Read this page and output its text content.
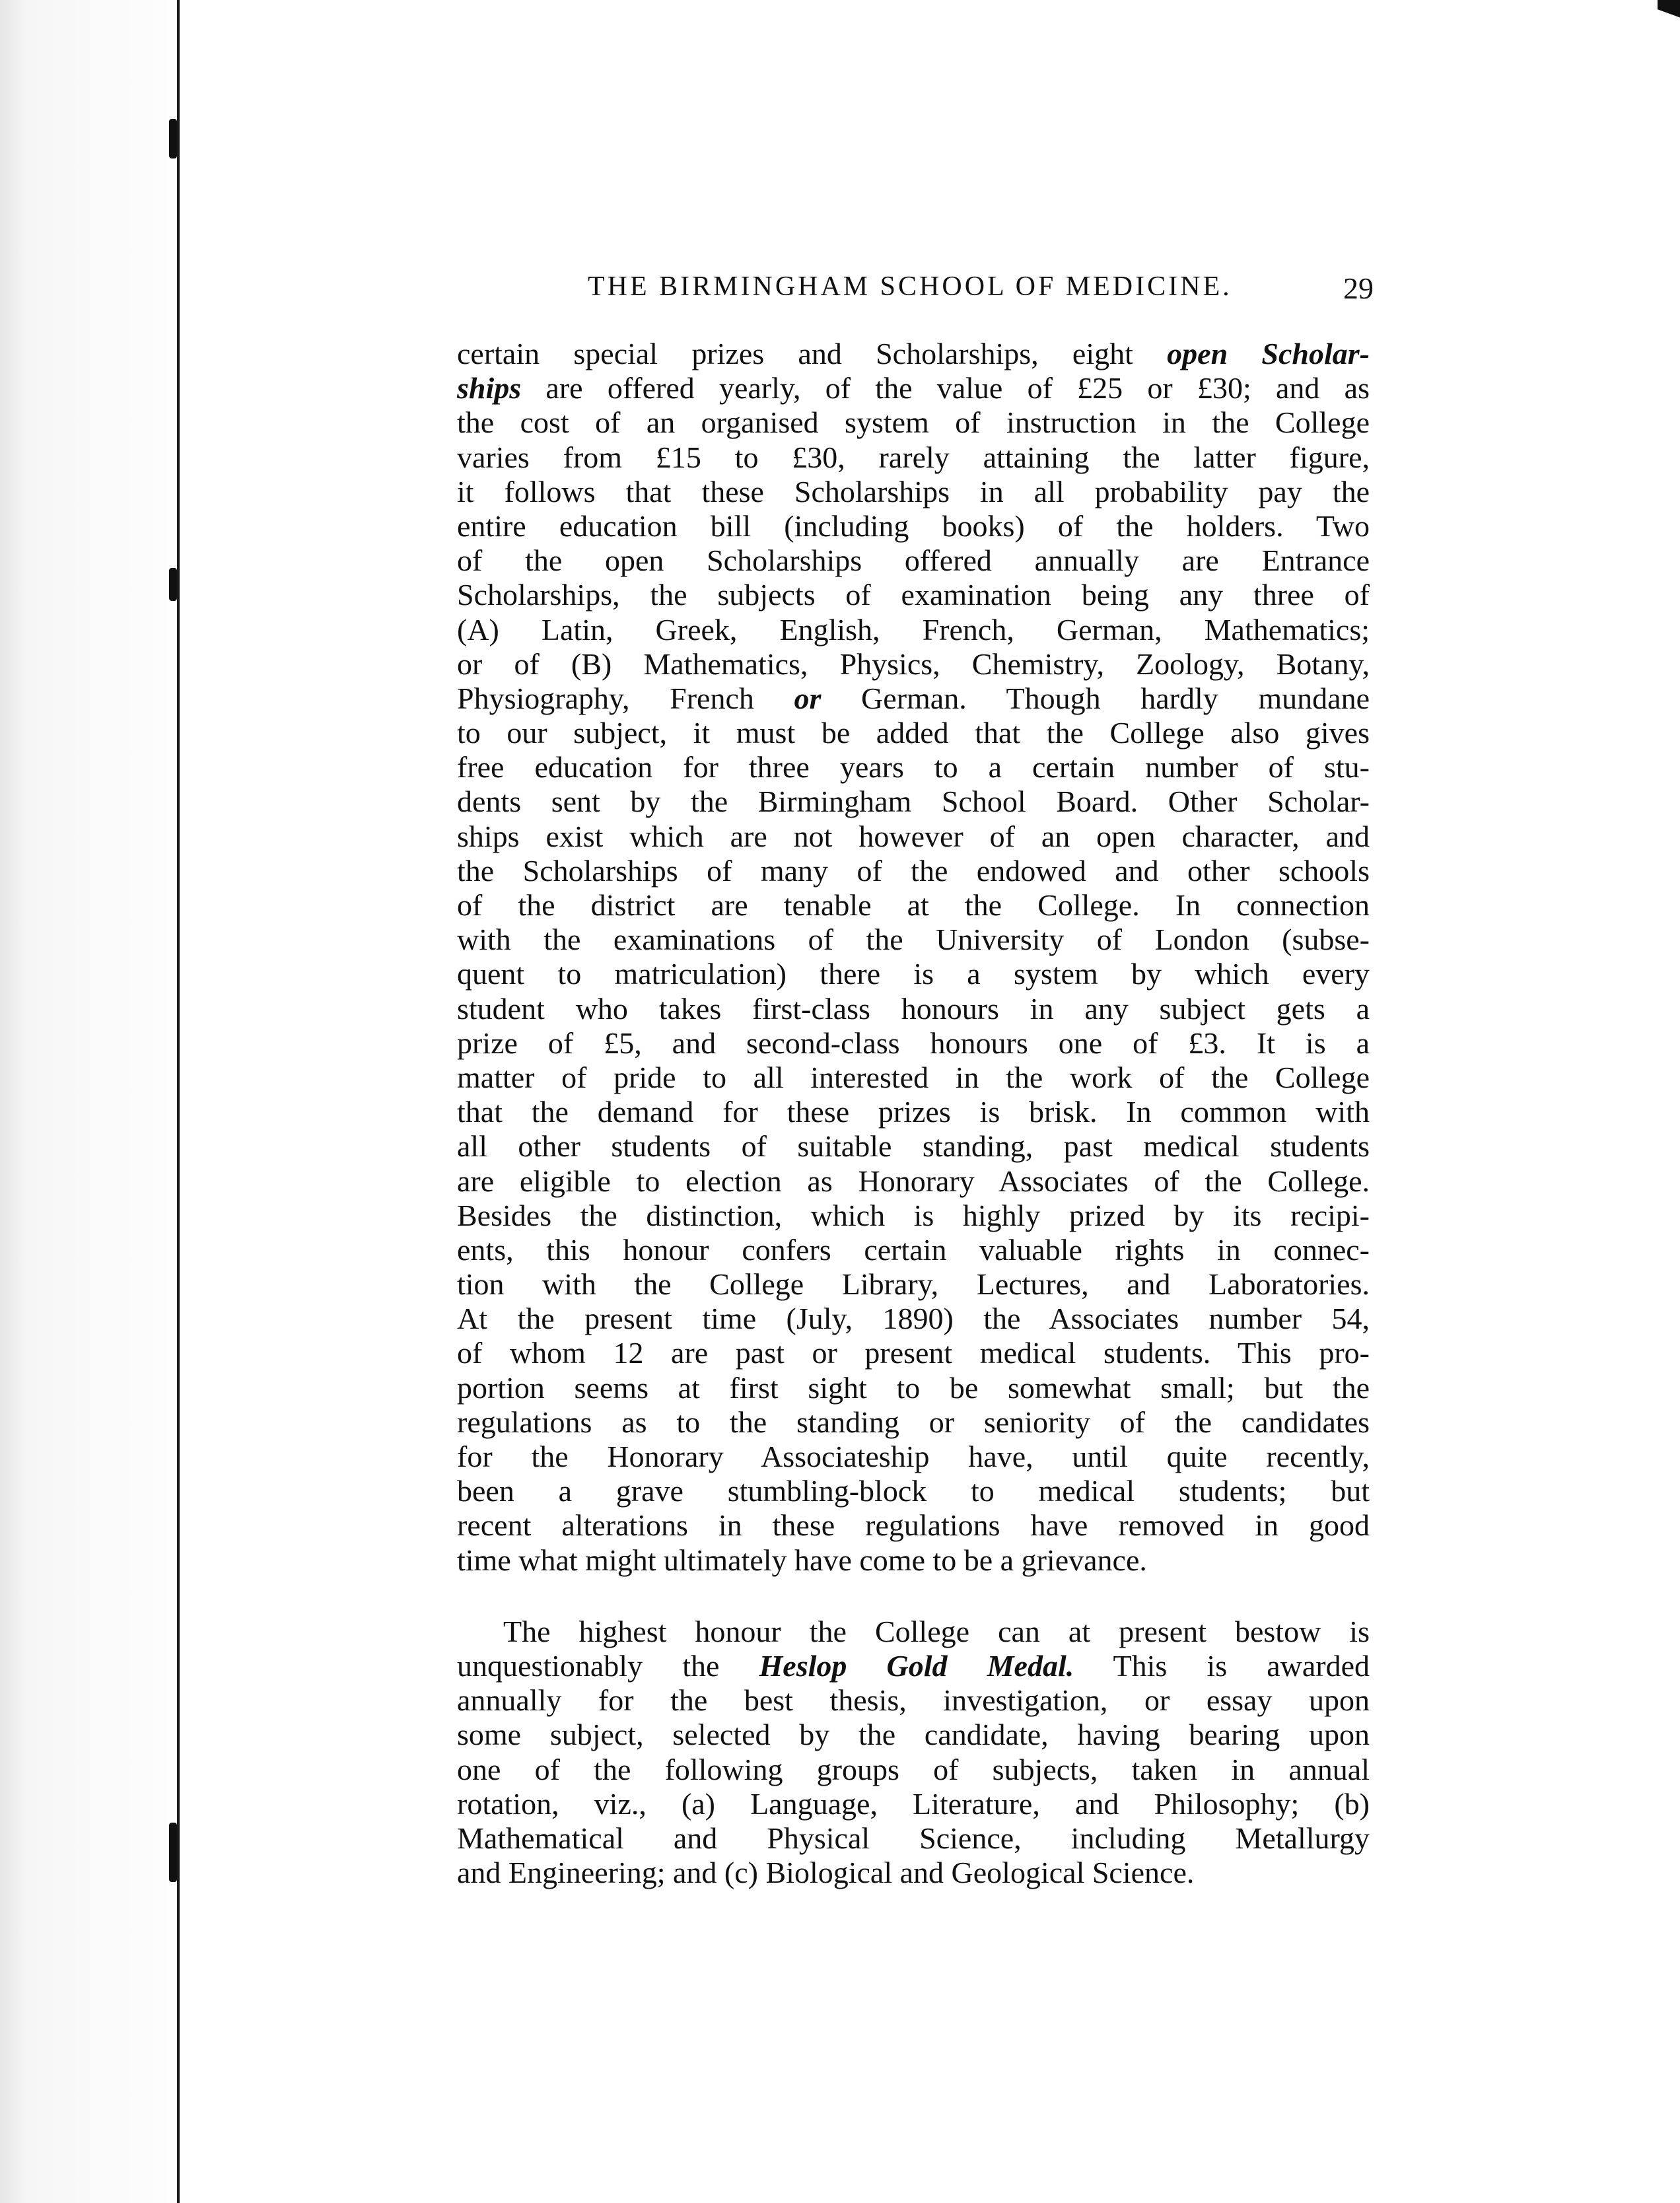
THE BIRMINGHAM SCHOOL OF MEDICINE.	29
certain special prizes and Scholarships, eight open Scholar-
ships are offered yearly, of the value of £25 or £30; and as
the cost of an organised system of instruction in the College
varies from £15 to £30, rarely attaining the latter figure,
it follows that these Scholarships in all probability pay the
entire education bill (including books) of the holders. Two
of the open Scholarships offered annually are Entrance
Scholarships, the subjects of examination being any three of
(A) Latin, Greek, English, French, German, Mathematics;
or of (B) Mathematics, Physics, Chemistry, Zoology, Botany,
Physiography, French or German. Though hardly mundane
to our subject, it must be added that the College also gives
free education for three years to a certain number of stu-
dents sent by the Birmingham School Board. Other Scholar-
ships exist which are not however of an open character, and
the Scholarships of many of the endowed and other schools
of the district are tenable at the College. In connection
with the examinations of the University of London (subse-
quent to matriculation) there is a system by which every
student who takes first-class honours in any subject gets a
prize of £5, and second-class honours one of £3. It is a
matter of pride to all interested in the work of the College
that the demand for these prizes is brisk. In common with
all other students of suitable standing, past medical students
are eligible to election as Honorary Associates of the College.
Besides the distinction, which is highly prized by its recipi-
ents, this honour confers certain valuable rights in connec-
tion with the College Library, Lectures, and Laboratories.
At the present time (July, 1890) the Associates number 54,
of whom 12 are past or present medical students. This pro-
portion seems at first sight to be somewhat small; but the
regulations as to the standing or seniority of the candidates
for the Honorary Associateship have, until quite recently,
been a grave stumbling-block to medical students; but
recent alterations in these regulations have removed in good
time what might ultimately have come to be a grievance.
The highest honour the College can at present bestow is
unquestionably the Heslop Gold Medal. This is awarded
annually for the best thesis, investigation, or essay upon
some subject, selected by the candidate, having bearing upon
one of the following groups of subjects, taken in annual
rotation, viz., (a) Language, Literature, and Philosophy; (b)
Mathematical and Physical Science, including Metallurgy
and Engineering; and (c) Biological and Geological Science.
